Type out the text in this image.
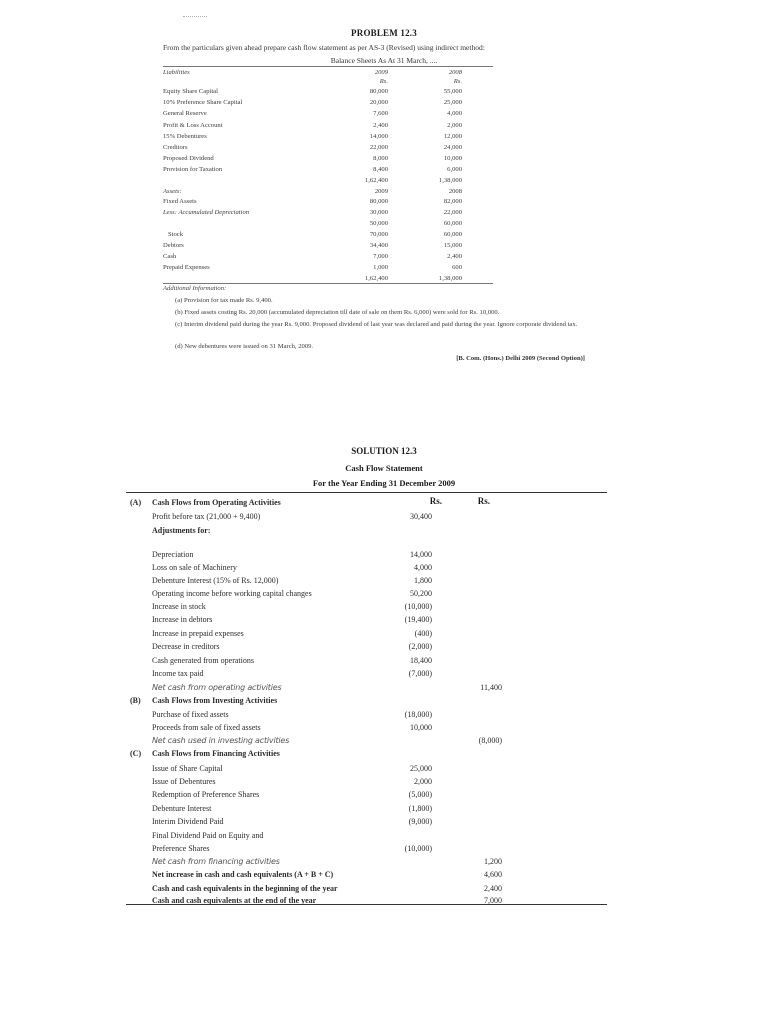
PROBLEM 12.3
From the particulars given ahead prepare cash flow statement as per AS-3 (Revised) using indirect method:
Balance Sheets As At 31 March, ....
Liabilities	2009	2008
Rs.	Rs.
Equity Share Capital	80,000	55,000
10% Preference Share Capital	20,000	25,000
General Reserve	7,600	4,000
Profit & Loss Account	2,400	2,000
15% Debentures	14,000	12,000
Creditors	22,000	24,000
Proposed Dividend	8,000	10,000
Provision for Taxation	8,400	6,000
1,62,400	1,38,000
Assets:	2009	2008
Fixed Assets	80,000	82,000
Less: Accumulated Depreciation	30,000	22,000
50,000	60,000
Stock	70,000	60,000
Debtors	34,400	15,000
Cash	7,000	2,400
Prepaid Expenses	1,000	600
1,62,400	1,38,000
Additional Information:
(a) Provision for tax made Rs. 9,400.
(b) Fixed assets costing Rs. 20,000 (accumulated depreciation till date of sale on them Rs. 6,000) were sold for Rs. 10,000.
(c) Interim dividend paid during the year Rs. 9,000. Proposed dividend of last year was declared and paid during the year. Ignore corporate dividend tax.
(d) New debentures were issued on 31 March, 2009.
[B. Com. (Hons.) Delhi 2009 (Second Option)]
SOLUTION 12.3
Cash Flow Statement
For the Year Ending 31 December 2009
Rs.	Rs.
(A) Cash Flows from Operating Activities
Profit before tax (21,000 + 9,400)	30,400
Adjustments for:
Depreciation	14,000
Loss on sale of Machinery	4,000
Debenture Interest (15% of Rs. 12,000)	1,800
Operating income before working capital changes	50,200
Increase in stock	(10,000)
Increase in debtors	(19,400)
Increase in prepaid expenses	(400)
Decrease in creditors	(2,000)
Cash generated from operations	18,400
Income tax paid	(7,000)
Net cash from operating activities	11,400
(B) Cash Flows from Investing Activities
Purchase of fixed assets	(18,000)
Proceeds from sale of fixed assets	10,000
Net cash used in investing activities	(8,000)
(C) Cash Flows from Financing Activities
Issue of Share Capital	25,000
Issue of Debentures	2,000
Redemption of Preference Shares	(5,000)
Debenture Interest	(1,800)
Interim Dividend Paid	(9,000)
Final Dividend Paid on Equity and
Preference Shares	(10,000)
Net cash from financing activities	1,200
Net increase in cash and cash equivalents (A + B + C)	4,600
Cash and cash equivalents in the beginning of the year	2,400
Cash and cash equivalents at the end of the year	7,000
